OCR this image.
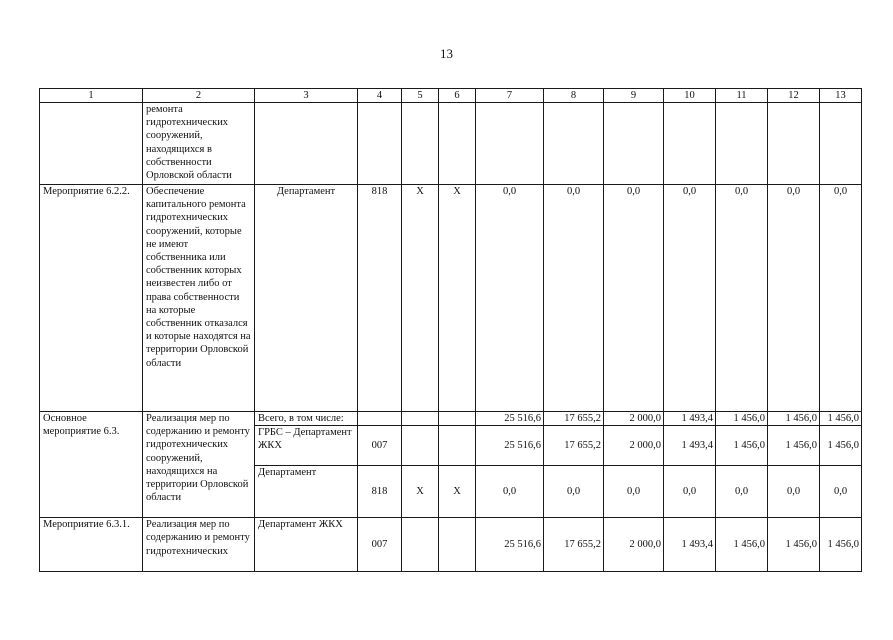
13
1	2	3	4	5	6	7	8	9	10	11	12	13
	ремонта гидротехнических сооружений, находящихся в собственности Орловской области											
Мероприятие 6.2.2.	Обеспечение капитального ремонта гидротехнических сооружений, которые не имеют собственника или собственник которых неизвестен либо от права собственности на которые собственник отказался и которые находятся на территории Орловской области	Департамент	818	X	X	0,0	0,0	0,0	0,0	0,0	0,0	0,0
Основное мероприятие 6.3.	Реализация мер по содержанию и ремонту гидротехнических сооружений, находящихся на территории Орловской области	Всего, в том числе:				25 516,6	17 655,2	2 000,0	1 493,4	1 456,0	1 456,0	1 456,0
		ГРБС – Департамент ЖКХ	007			25 516,6	17 655,2	2 000,0	1 493,4	1 456,0	1 456,0	1 456,0
		Департамент	818	X	X	0,0	0,0	0,0	0,0	0,0	0,0	0,0
Мероприятие 6.3.1.	Реализация мер по содержанию и ремонту гидротехнических	Департамент ЖКХ	007			25 516,6	17 655,2	2 000,0	1 493,4	1 456,0	1 456,0	1 456,0
